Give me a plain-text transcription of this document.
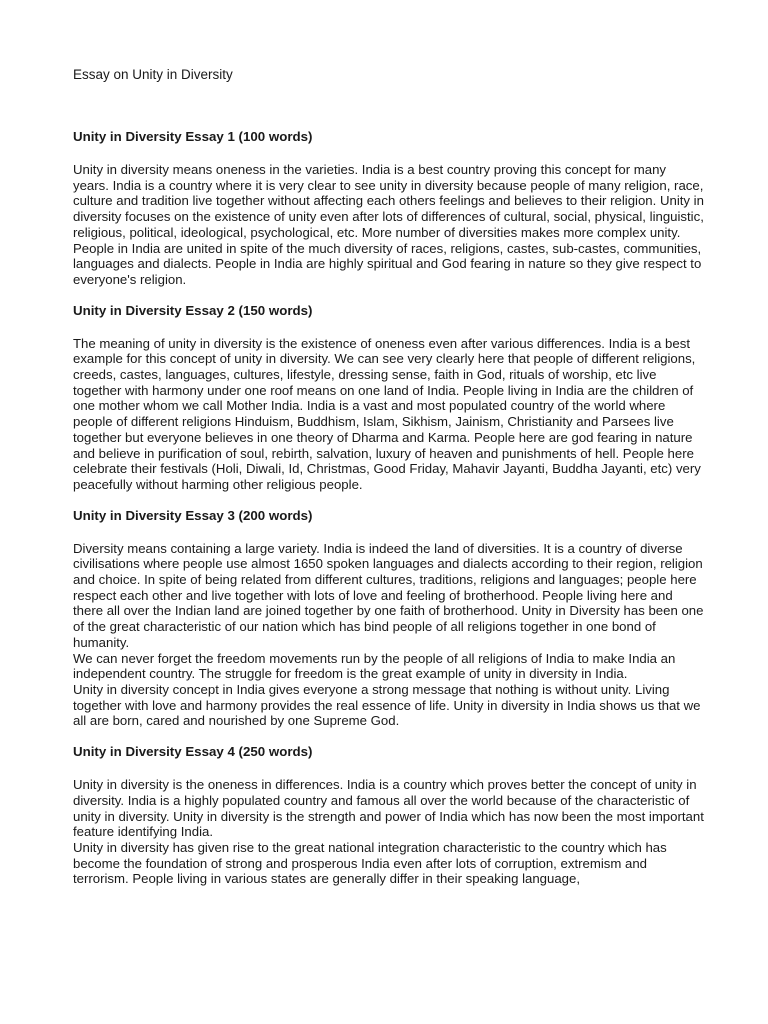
Essay on Unity in Diversity
Unity in Diversity Essay 1 (100 words)

Unity in diversity means oneness in the varieties. India is a best country proving this concept for many years. India is a country where it is very clear to see unity in diversity because people of many religion, race, culture and tradition live together without affecting each others feelings and believes to their religion. Unity in diversity focuses on the existence of unity even after lots of differences of cultural, social, physical, linguistic, religious, political, ideological, psychological, etc. More number of diversities makes more complex unity. People in India are united in spite of the much diversity of races, religions, castes, sub-castes, communities, languages and dialects. People in India are highly spiritual and God fearing in nature so they give respect to everyone's religion.

Unity in Diversity Essay 2 (150 words)

The meaning of unity in diversity is the existence of oneness even after various differences. India is a best example for this concept of unity in diversity. We can see very clearly here that people of different religions, creeds, castes, languages, cultures, lifestyle, dressing sense, faith in God, rituals of worship, etc live together with harmony under one roof means on one land of India. People living in India are the children of one mother whom we call Mother India. India is a vast and most populated country of the world where people of different religions Hinduism, Buddhism, Islam, Sikhism, Jainism, Christianity and Parsees live together but everyone believes in one theory of Dharma and Karma. People here are god fearing in nature and believe in purification of soul, rebirth, salvation, luxury of heaven and punishments of hell. People here celebrate their festivals (Holi, Diwali, Id, Christmas, Good Friday, Mahavir Jayanti, Buddha Jayanti, etc) very peacefully without harming other religious people.

Unity in Diversity Essay 3 (200 words)

Diversity means containing a large variety. India is indeed the land of diversities. It is a country of diverse civilisations where people use almost 1650 spoken languages and dialects according to their region, religion and choice. In spite of being related from different cultures, traditions, religions and languages; people here respect each other and live together with lots of love and feeling of brotherhood. People living here and there all over the Indian land are joined together by one faith of brotherhood. Unity in Diversity has been one of the great characteristic of our nation which has bind people of all religions together in one bond of humanity.

We can never forget the freedom movements run by the people of all religions of India to make India an independent country. The struggle for freedom is the great example of unity in diversity in India.

Unity in diversity concept in India gives everyone a strong message that nothing is without unity. Living together with love and harmony provides the real essence of life. Unity in diversity in India shows us that we all are born, cared and nourished by one Supreme God.

Unity in Diversity Essay 4 (250 words)

Unity in diversity is the oneness in differences. India is a country which proves better the concept of unity in diversity. India is a highly populated country and famous all over the world because of the characteristic of unity in diversity. Unity in diversity is the strength and power of India which has now been the most important feature identifying India.

Unity in diversity has given rise to the great national integration characteristic to the country which has become the foundation of strong and prosperous India even after lots of corruption, extremism and terrorism. People living in various states are generally differ in their speaking language,
